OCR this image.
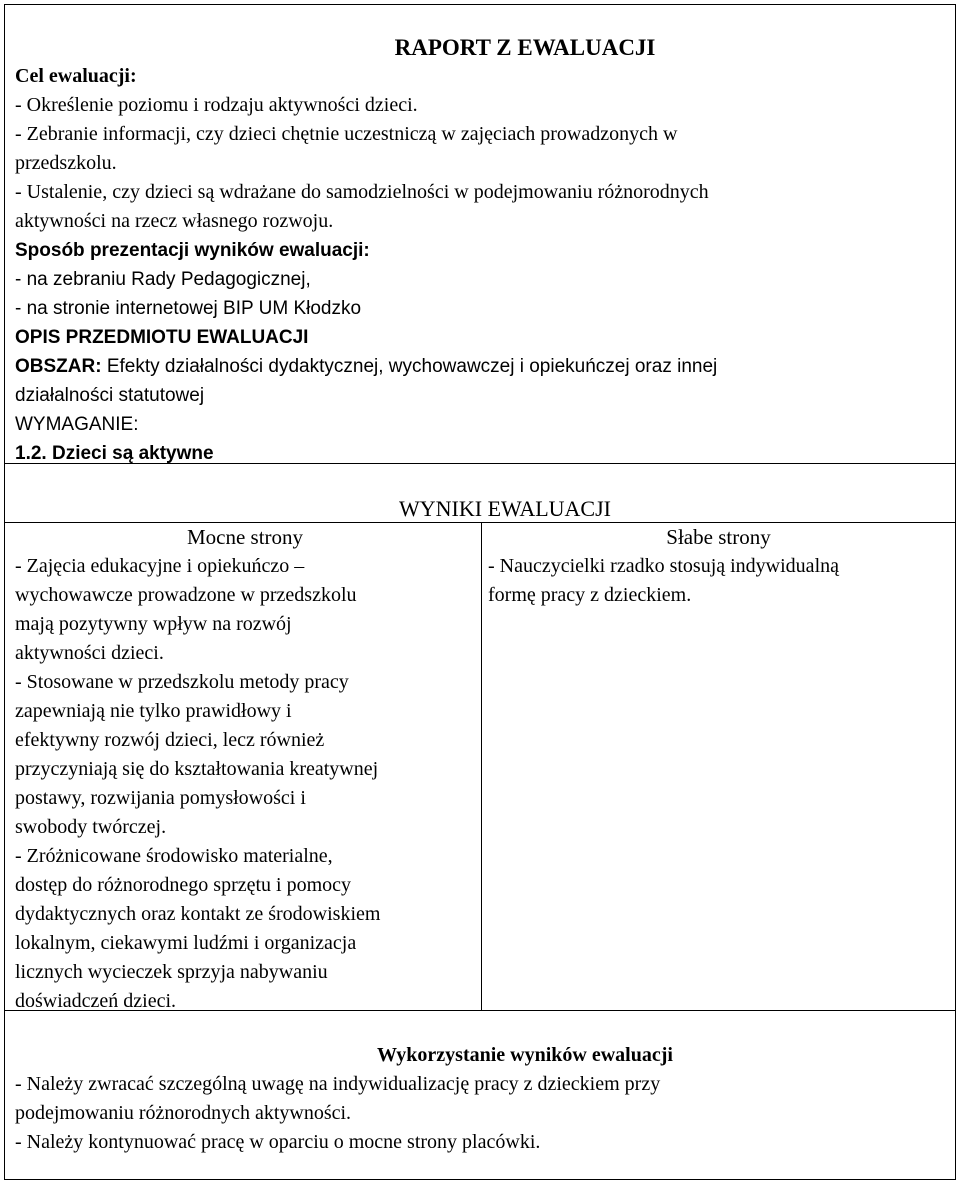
RAPORT Z EWALUACJI
Cel ewaluacji:
- Określenie poziomu i rodzaju aktywności dzieci.
- Zebranie informacji, czy dzieci chętnie uczestniczą w zajęciach prowadzonych w
przedszkolu.
- Ustalenie, czy dzieci są wdrażane do samodzielności w podejmowaniu różnorodnych
aktywności na rzecz własnego rozwoju.
Sposób prezentacji wyników ewaluacji:
- na zebraniu Rady Pedagogicznej,
- na stronie internetowej BIP UM Kłodzko
OPIS PRZEDMIOTU EWALUACJI
OBSZAR: Efekty działalności dydaktycznej, wychowawczej i opiekuńczej oraz innej
działalności statutowej
WYMAGANIE:
1.2. Dzieci są aktywne
WYNIKI EWALUACJI
Mocne strony
- Zajęcia edukacyjne i opiekuńczo –
wychowawcze prowadzone w przedszkolu
mają pozytywny wpływ na rozwój
aktywności dzieci.
- Stosowane w przedszkolu metody pracy
zapewniają nie tylko prawidłowy i
efektywny rozwój dzieci, lecz również
przyczyniają się do kształtowania kreatywnej
postawy, rozwijania pomysłowości i
swobody twórczej.
- Zróżnicowane środowisko materialne,
dostęp do różnorodnego sprzętu i pomocy
dydaktycznych oraz kontakt ze środowiskiem
lokalnym, ciekawymi ludźmi i organizacja
licznych wycieczek sprzyja nabywaniu
doświadczeń dzieci.
Słabe strony
- Nauczycielki rzadko stosują indywidualną
formę pracy z dzieckiem.
Wykorzystanie wyników ewaluacji
- Należy zwracać szczególną uwagę na indywidualizację pracy z dzieckiem przy
podejmowaniu różnorodnych aktywności.
- Należy kontynuować pracę w oparciu o mocne strony placówki.
